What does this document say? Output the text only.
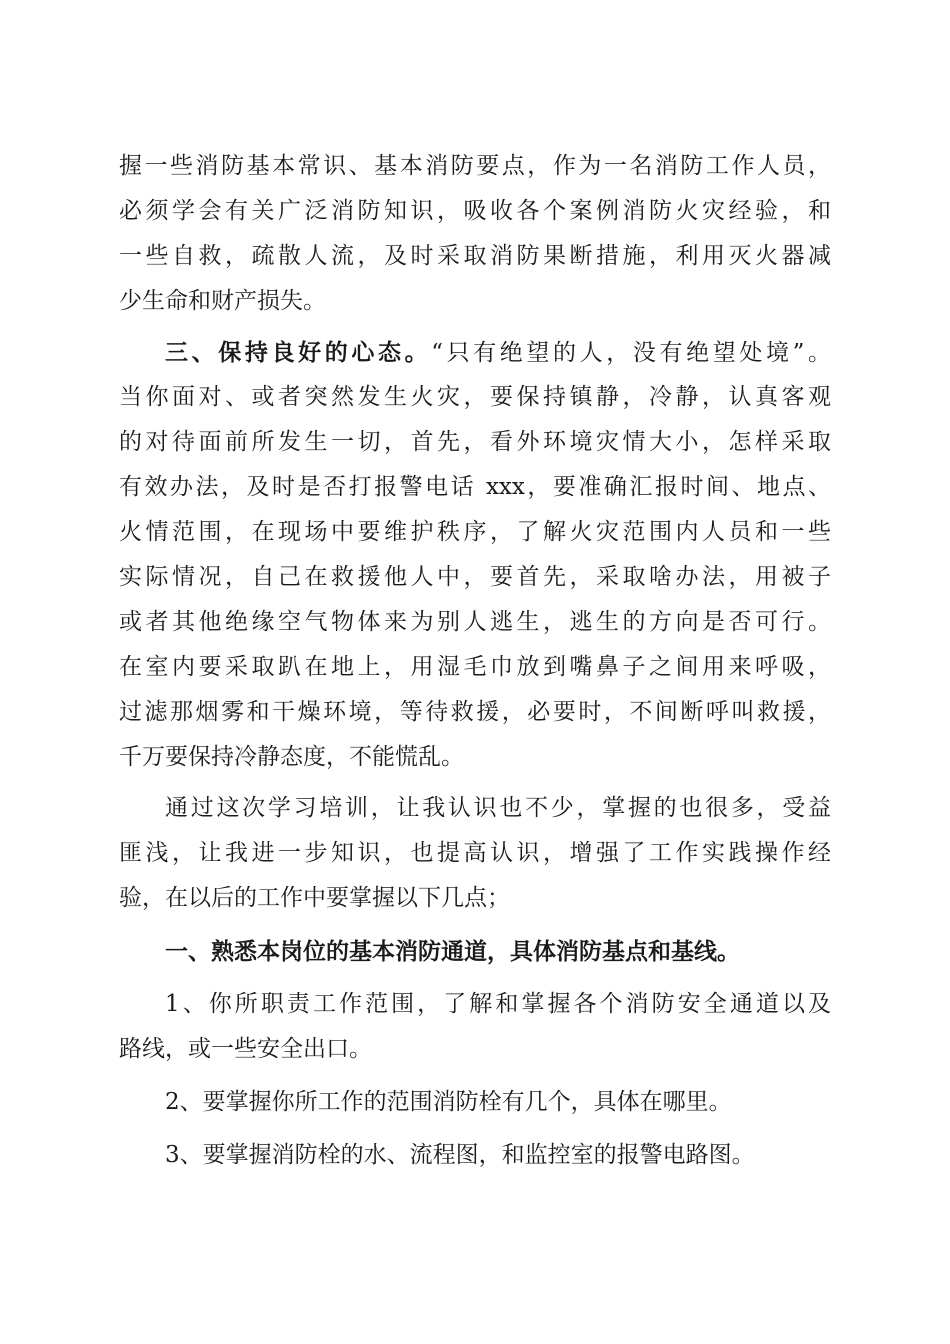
握一些消防基本常识、基本消防要点，作为一名消防工作人员，
必须学会有关广泛消防知识，吸收各个案例消防火灾经验，和
一些自救，疏散人流，及时采取消防果断措施，利用灭火器减
少生命和财产损失。
三、保持良好的心态。“只有绝望的人，没有绝望处境”。
当你面对、或者突然发生火灾，要保持镇静，冷静，认真客观
的对待面前所发生一切，首先，看外环境灾情大小，怎样采取
有效办法，及时是否打报警电话 xxx，要准确汇报时间、地点、
火情范围，在现场中要维护秩序，了解火灾范围内人员和一些
实际情况，自己在救援他人中，要首先，采取啥办法，用被子
或者其他绝缘空气物体来为别人逃生，逃生的方向是否可行。
在室内要采取趴在地上，用湿毛巾放到嘴鼻子之间用来呼吸，
过滤那烟雾和干燥环境，等待救援，必要时，不间断呼叫救援，
千万要保持冷静态度，不能慌乱。
通过这次学习培训，让我认识也不少，掌握的也很多，受益
匪浅，让我进一步知识，也提高认识，增强了工作实践操作经
验，在以后的工作中要掌握以下几点；
一、熟悉本岗位的基本消防通道，具体消防基点和基线。
1、你所职责工作范围，了解和掌握各个消防安全通道以及
路线，或一些安全出口。
2、要掌握你所工作的范围消防栓有几个，具体在哪里。
3、要掌握消防栓的水、流程图，和监控室的报警电路图。
